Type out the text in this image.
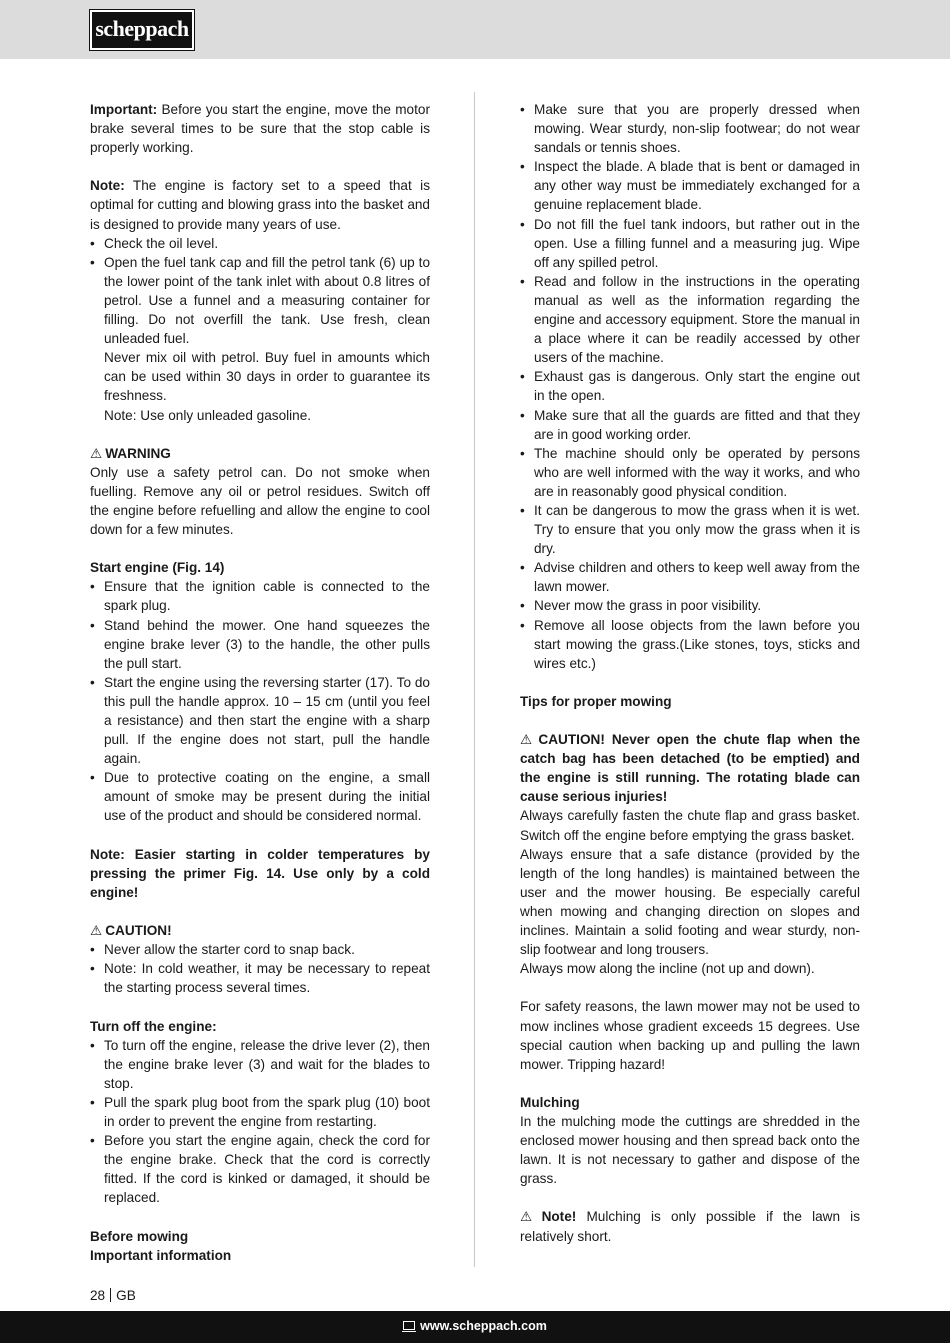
scheppach

Important: Before you start the engine, move the motor brake several times to be sure that the stop cable is properly working.

Note: The engine is factory set to a speed that is optimal for cutting and blowing grass into the basket and is designed to provide many years of use.

• Check the oil level.
• Open the fuel tank cap and fill the petrol tank (6) up to the lower point of the tank inlet with about 0.8 litres of petrol. Use a funnel and a measuring container for filling. Do not overfill the tank. Use fresh, clean unleaded fuel.

Never mix oil with petrol. Buy fuel in amounts which can be used within 30 days in order to guarantee its freshness.

Note: Use only unleaded gasoline.

⚠ WARNING

Only use a safety petrol can. Do not smoke when fuelling. Remove any oil or petrol residues. Switch off the engine before refuelling and allow the engine to cool down for a few minutes.

Start engine (Fig. 14)

• Ensure that the ignition cable is connected to the spark plug.
• Stand behind the mower. One hand squeezes the engine brake lever (3) to the handle, the other pulls the pull start.
• Start the engine using the reversing starter (17). To do this pull the handle approx. 10 – 15 cm (until you feel a resistance) and then start the engine with a sharp pull. If the engine does not start, pull the handle again.
• Due to protective coating on the engine, a small amount of smoke may be present during the initial use of the product and should be considered normal.

Note: Easier starting in colder temperatures by pressing the primer Fig. 14. Use only by a cold engine!

⚠ CAUTION!

• Never allow the starter cord to snap back.
• Note: In cold weather, it may be necessary to repeat the starting process several times.

Turn off the engine:

• To turn off the engine, release the drive lever (2), then the engine brake lever (3) and wait for the blades to stop.
• Pull the spark plug boot from the spark plug (10) boot in order to prevent the engine from restarting.
• Before you start the engine again, check the cord for the engine brake. Check that the cord is correctly fitted. If the cord is kinked or damaged, it should be replaced.

Before mowing

Important information

• Make sure that you are properly dressed when mowing. Wear sturdy, non-slip footwear; do not wear sandals or tennis shoes.
• Inspect the blade. A blade that is bent or damaged in any other way must be immediately exchanged for a genuine replacement blade.
• Do not fill the fuel tank indoors, but rather out in the open. Use a filling funnel and a measuring jug. Wipe off any spilled petrol.
• Read and follow in the instructions in the operating manual as well as the information regarding the engine and accessory equipment. Store the manual in a place where it can be readily accessed by other users of the machine.
• Exhaust gas is dangerous. Only start the engine out in the open.
• Make sure that all the guards are fitted and that they are in good working order.
• The machine should only be operated by persons who are well informed with the way it works, and who are in reasonably good physical condition.
• It can be dangerous to mow the grass when it is wet. Try to ensure that you only mow the grass when it is dry.
• Advise children and others to keep well away from the lawn mower.
• Never mow the grass in poor visibility.
• Remove all loose objects from the lawn before you start mowing the grass.(Like stones, toys, sticks and wires etc.)

Tips for proper mowing

⚠ CAUTION! Never open the chute flap when the catch bag has been detached (to be emptied) and the engine is still running. The rotating blade can cause serious injuries!

Always carefully fasten the chute flap and grass basket. Switch off the engine before emptying the grass basket.

Always ensure that a safe distance (provided by the length of the long handles) is maintained between the user and the mower housing. Be especially careful when mowing and changing direction on slopes and inclines. Maintain a solid footing and wear sturdy, non-slip footwear and long trousers.

Always mow along the incline (not up and down).

For safety reasons, the lawn mower may not be used to mow inclines whose gradient exceeds 15 degrees. Use special caution when backing up and pulling the lawn mower. Tripping hazard!

Mulching

In the mulching mode the cuttings are shredded in the enclosed mower housing and then spread back onto the lawn. It is not necessary to gather and dispose of the grass.

⚠ Note! Mulching is only possible if the lawn is relatively short.

28 GB
www.scheppach.com
